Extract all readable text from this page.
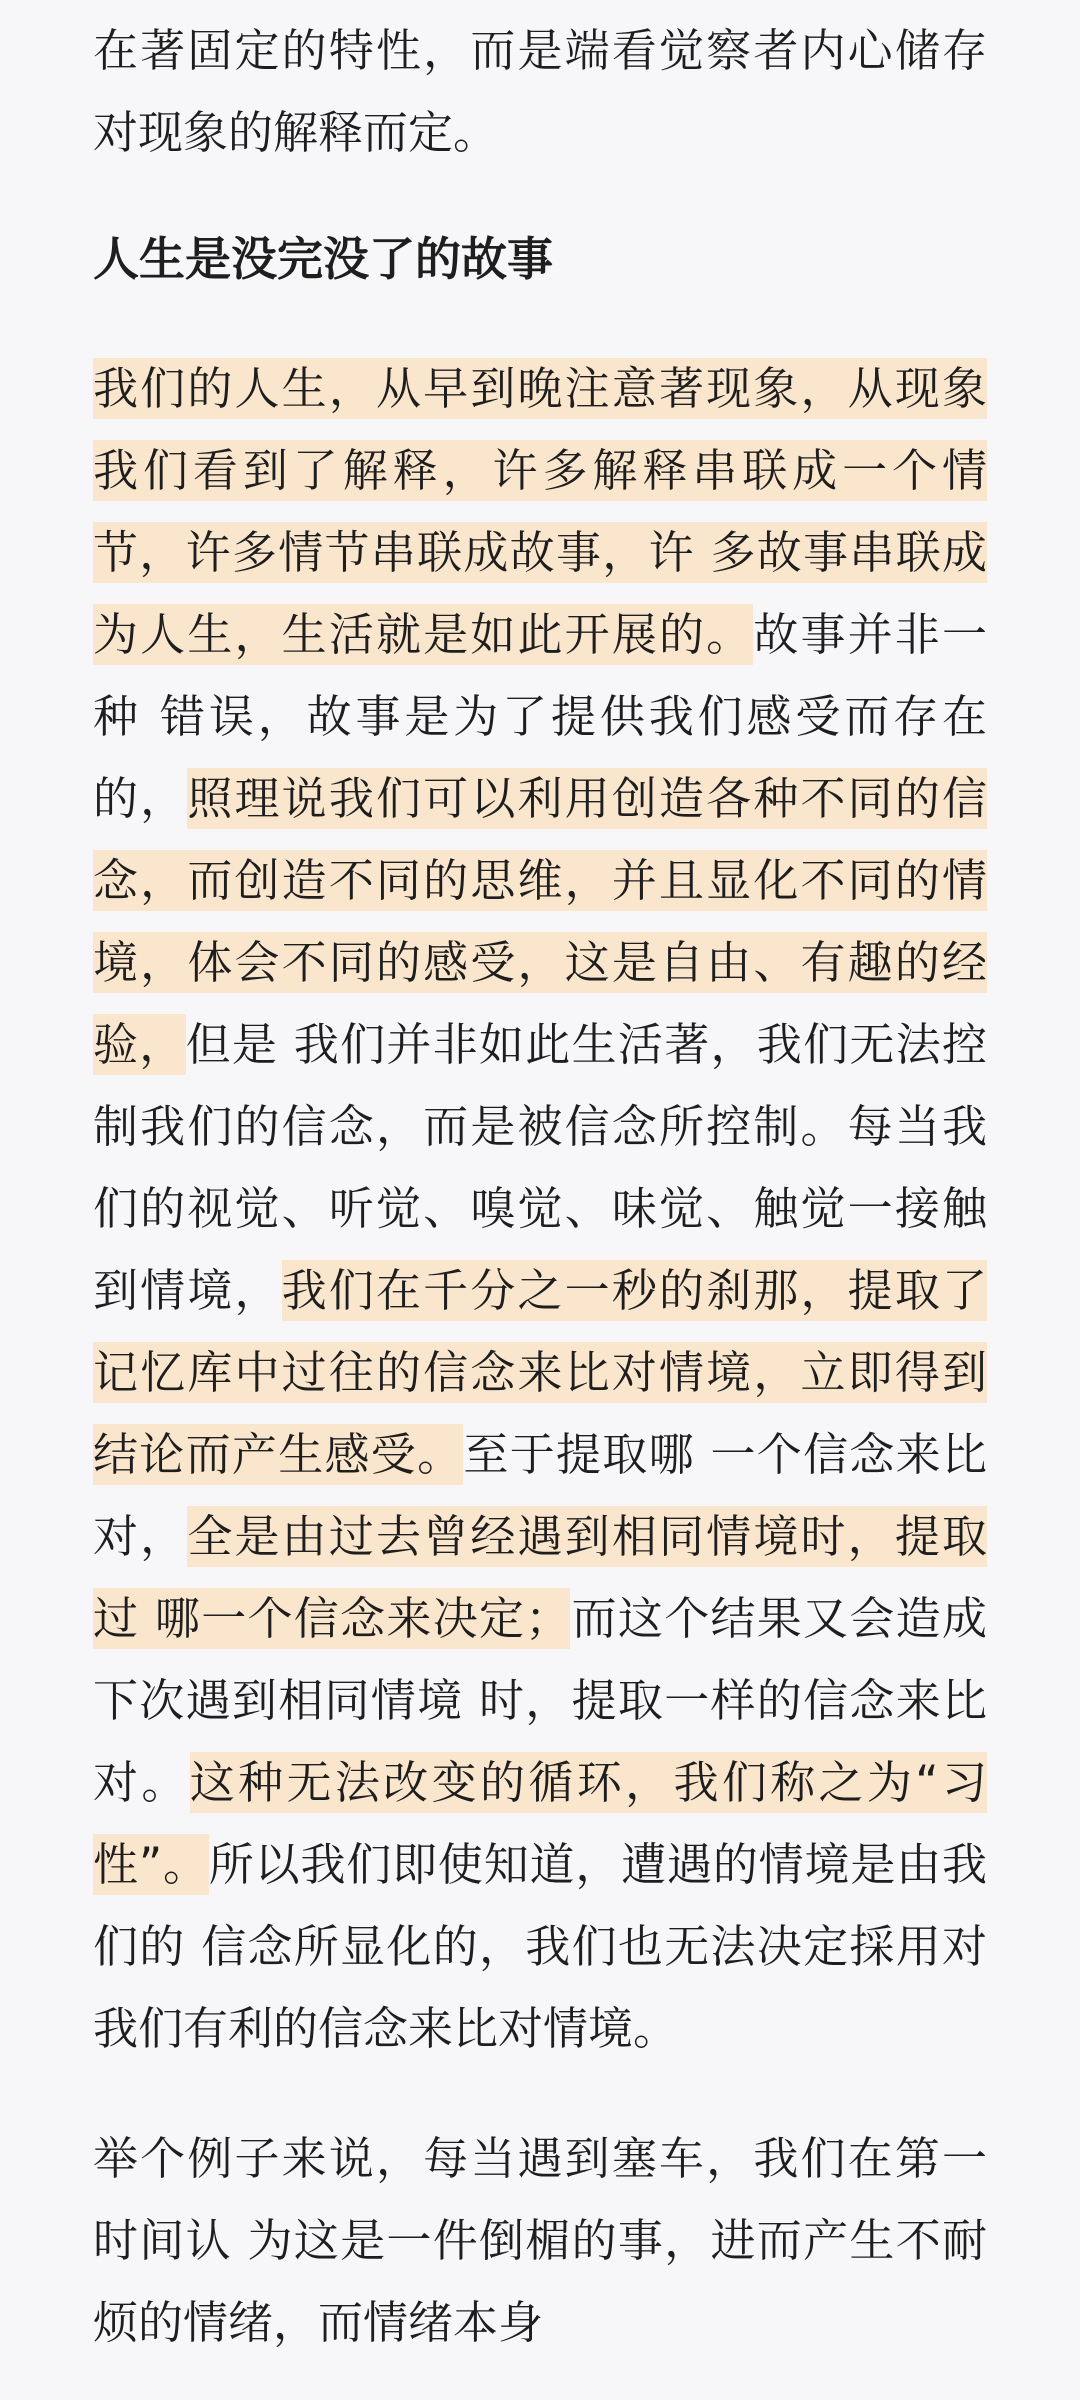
在著固定的特性，而是端看觉察者内心储存对现象的解释而定。

人生是没完没了的故事

我们的人生，从早到晚注意著现象，从现象我们看到了解释，许多解释串联成一个情节，许多情节串联成故事，许 多故事串联成为人生，生活就是如此开展的。故事并非一种 错误，故事是为了提供我们感受而存在的，照理说我们可以利用创造各种不同的信念，而创造不同的思维，并且显化不同的情境，体会不同的感受，这是自由、有趣的经验，但是 我们并非如此生活著，我们无法控制我们的信念，而是被信念所控制。每当我们的视觉、听觉、嗅觉、味觉、触觉一接触到情境，我们在千分之一秒的刹那，提取了记忆库中过往的信念来比对情境，立即得到结论而产生感受。至于提取哪 一个信念来比对，全是由过去曾经遇到相同情境时，提取过 哪一个信念来决定；而这个结果又会造成下次遇到相同情境 时，提取一样的信念来比对。这种无法改变的循环，我们称之为“习性”。所以我们即使知道，遭遇的情境是由我们的 信念所显化的，我们也无法决定採用对我们有利的信念来比对情境。

举个例子来说，每当遇到塞车，我们在第一时间认 为这是一件倒楣的事，进而产生不耐烦的情绪，而情绪本身
